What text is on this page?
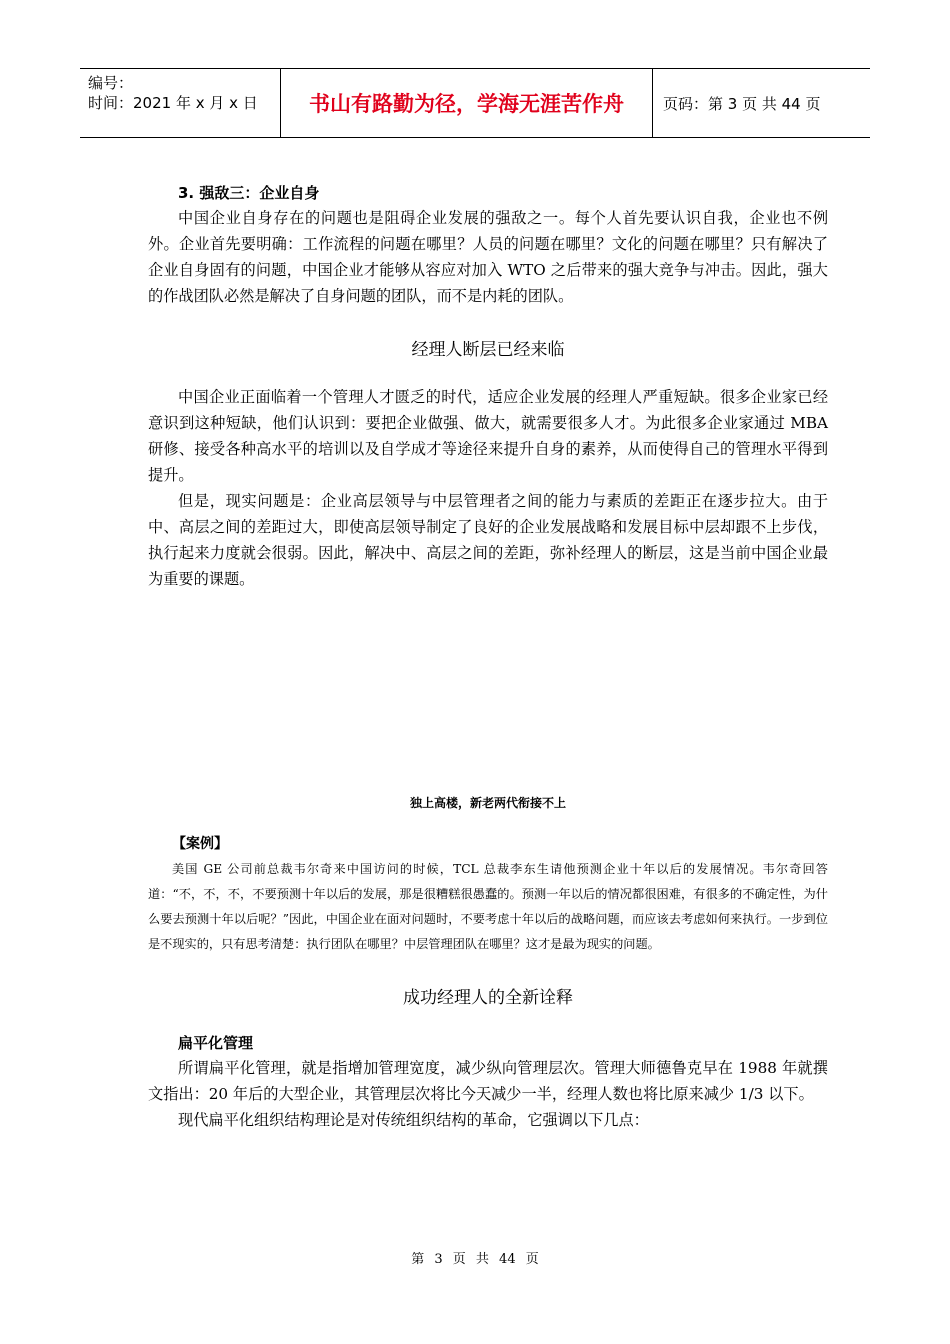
编号：
时间：2021 年 x 月 x 日	书山有路勤为径，学海无涯苦作舟	页码：第 3 页 共 44 页
3. 强敌三：企业自身

中国企业自身存在的问题也是阻碍企业发展的强敌之一。每个人首先要认识自我，企业也不例外。企业首先要明确：工作流程的问题在哪里？人员的问题在哪里？文化的问题在哪里？只有解决了企业自身固有的问题，中国企业才能够从容应对加入 WTO 之后带来的强大竞争与冲击。因此，强大的作战团队必然是解决了自身问题的团队，而不是内耗的团队。

经理人断层已经来临

中国企业正面临着一个管理人才匮乏的时代，适应企业发展的经理人严重短缺。很多企业家已经意识到这种短缺，他们认识到：要把企业做强、做大，就需要很多人才。为此很多企业家通过 MBA 研修、接受各种高水平的培训以及自学成才等途径来提升自身的素养，从而使得自己的管理水平得到提升。

但是，现实问题是：企业高层领导与中层管理者之间的能力与素质的差距正在逐步拉大。由于中、高层之间的差距过大，即使高层领导制定了良好的企业发展战略和发展目标中层却跟不上步伐，执行起来力度就会很弱。因此，解决中、高层之间的差距，弥补经理人的断层，这是当前中国企业最为重要的课题。

独上高楼，新老两代衔接不上
【案例】

美国 GE 公司前总裁韦尔奇来中国访问的时候，TCL 总裁李东生请他预测企业十年以后的发展情况。韦尔奇回答道：“不，不，不，不要预测十年以后的发展，那是很糟糕很愚蠢的。预测一年以后的情况都很困难，有很多的不确定性，为什么要去预测十年以后呢？”因此，中国企业在面对问题时，不要考虑十年以后的战略问题，而应该去考虑如何来执行。一步到位是不现实的，只有思考清楚：执行团队在哪里？中层管理团队在哪里？这才是最为现实的问题。

成功经理人的全新诠释
扁平化管理

所谓扁平化管理，就是指增加管理宽度，减少纵向管理层次。管理大师德鲁克早在 1988 年就撰文指出：20 年后的大型企业，其管理层次将比今天减少一半，经理人数也将比原来减少 1/3 以下。

现代扁平化组织结构理论是对传统组织结构的革命，它强调以下几点：

第 3 页 共 44 页
